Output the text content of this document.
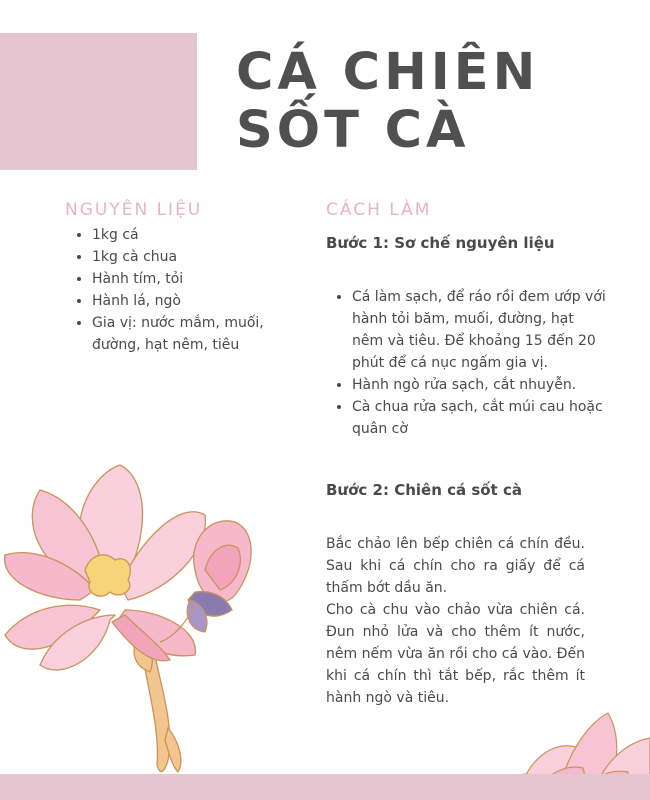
CÁ CHIÊN
SỐT CÀ
NGUYÊN LIỆU
• 1kg cá
• 1kg cà chua
• Hành tím, tỏi
• Hành lá, ngò
• Gia vị: nước mắm, muối, đường, hạt nêm, tiêu
CÁCH LÀM
Bước 1: Sơ chế nguyên liệu
• Cá làm sạch, để ráo rồi đem ướp với hành tỏi băm, muối, đường, hạt nêm và tiêu. Để khoảng 15 đến 20 phút để cá nục ngấm gia vị.
• Hành ngò rửa sạch, cắt nhuyễn.
• Cà chua rửa sạch, cắt múi cau hoặc quân cờ
Bước 2: Chiên cá sốt cà

Bắc chảo lên bếp chiên cá chín đều. Sau khi cá chín cho ra giấy để cá thấm bớt dầu ăn.

Cho cà chu vào chảo vừa chiên cá. Đun nhỏ lửa và cho thêm ít nước, nêm nếm vừa ăn rồi cho cá vào. Đến khi cá chín thì tắt bếp, rắc thêm ít hành ngò và tiêu.
